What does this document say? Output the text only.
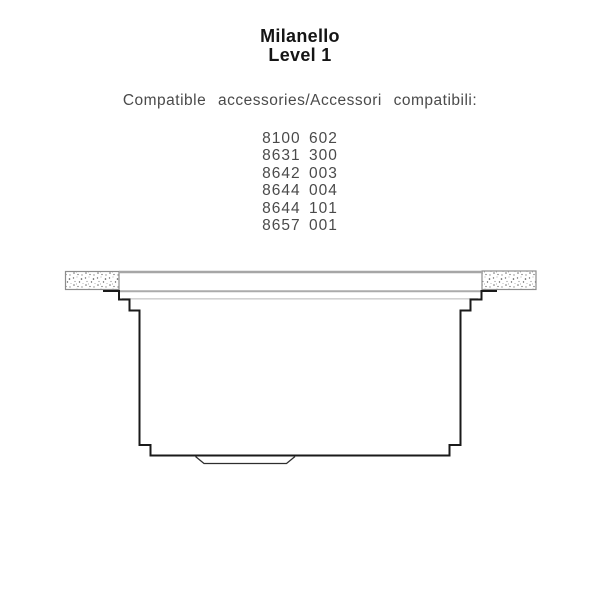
Milanello
Level 1
Compatible accessories/Accessori compatibili:
8100 602
8631 300
8642 003
8644 004
8644 101
8657 001
